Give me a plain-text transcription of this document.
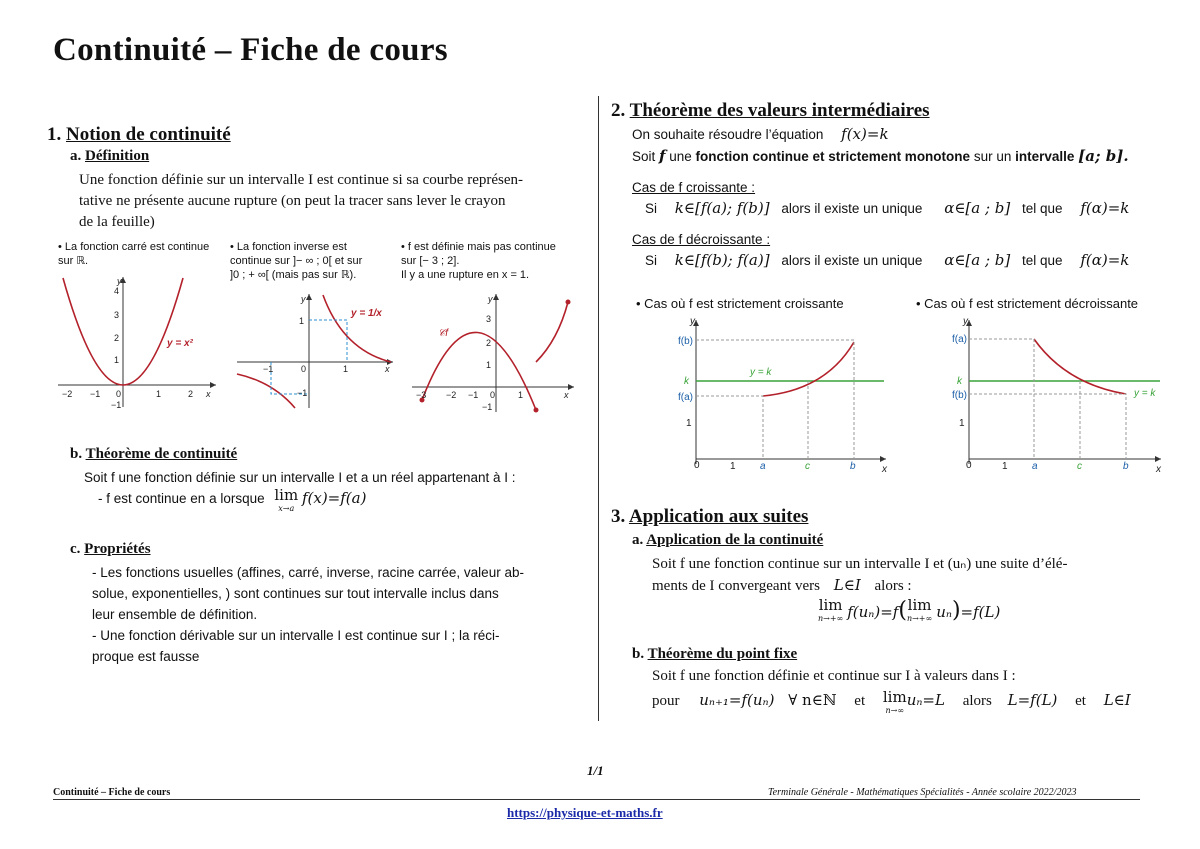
Continuité – Fiche de cours
1. Notion de continuité
a. Définition
Une fonction définie sur un intervalle I est continue si sa courbe représen-
tative ne présente aucune rupture (on peut la tracer sans lever le crayon
de la feuille)
• La fonction carré est continue
sur ℝ.
• La fonction inverse est
continue sur ]− ∞ ; 0[ et sur
]0 ; + ∞[ (mais pas sur ℝ).
• f est définie mais pas continue
sur [− 3 ; 2].
Il y a une rupture en x = 1.
y = x²
−2 −1 0	1	2 x
4
3
2
1
−1
y
y = 1/x
−1	0	1	x
1
−1
y
𝒞f
−3 −2 −1 0	1	x
3
2
1
−1
y
b. Théorème de continuité
Soit f une fonction définie sur un intervalle I et a un réel appartenant à I :
- f est continue en a lorsque lim
x→a
f(x)=f(a)
c. Propriétés
- Les fonctions usuelles (affines, carré, inverse, racine carrée, valeur ab-
solue, exponentielles, ) sont continues sur tout intervalle inclus dans
leur ensemble de définition.
- Une fonction dérivable sur un intervalle I est continue sur I ; la réci-
proque est fausse
2. Théorème des valeurs intermédiaires
On souhaite résoudre l’équation f(x)=k
Soit f une fonction continue et strictement monotone sur un intervalle [a; b].
Cas de f croissante :
Si k∈[f(a); f(b)] alors il existe un unique α∈[a ; b] tel que f(α)=k
Cas de f décroissante :
Si k∈[f(b); f(a)] alors il existe un unique α∈[a ; b] tel que f(α)=k
• Cas où f est strictement croissante	• Cas où f est strictement décroissante
f(b)
f(a)
a	b
k
y = k
c
1
0	1	x
y
f(a)
f(b)
a	b
k
y = k
c
1
0	1	x
y
3. Application aux suites
a. Application de la continuité
Soit f une fonction continue sur un intervalle I et (uₙ) une suite d’élé-
ments de I convergeant vers L∈I alors :
lim
n→+∞ f(uₙ)=f(lim
n→+∞ uₙ)=f(L)
b. Théorème du point fixe
Soit f une fonction définie et continue sur I à valeurs dans I :
pour uₙ₊₁=f(uₙ) ∀ n∈ℕ et lim
n→∞
uₙ=L alors L=f(L) et L∈I
1/1
Continuité – Fiche de cours	Terminale Générale - Mathématiques Spécialités - Année scolaire 2022/2023
https://physique-et-maths.fr
